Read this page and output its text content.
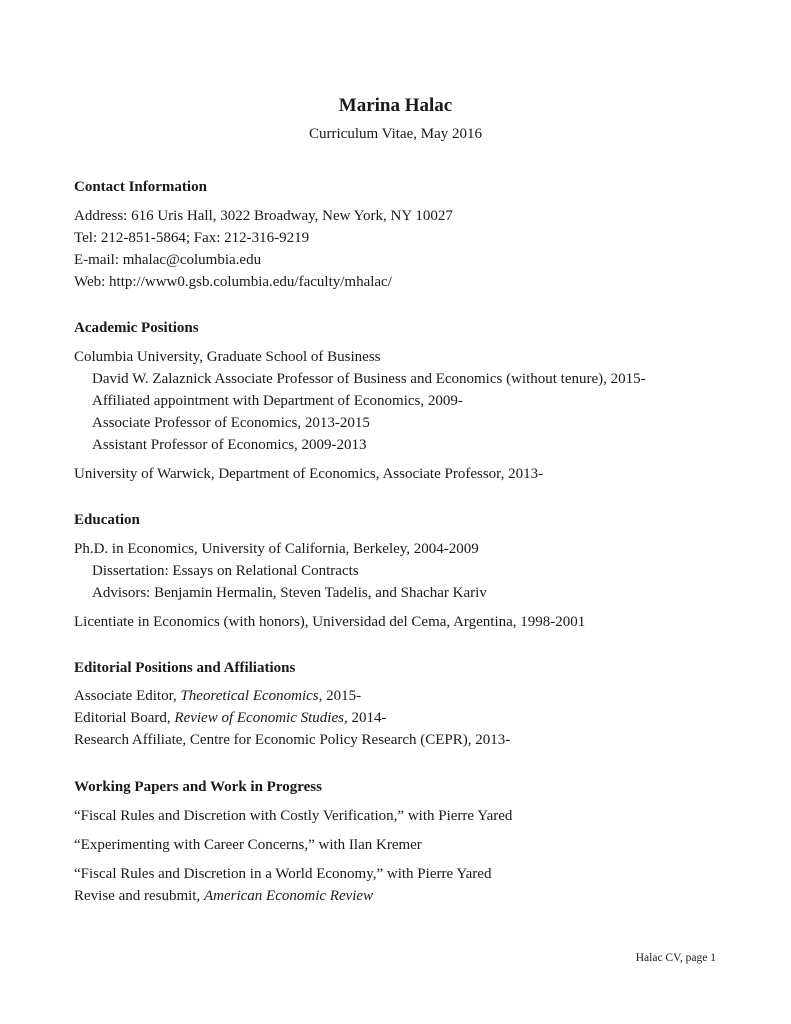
Marina Halac
Curriculum Vitae, May 2016
Contact Information
Address: 616 Uris Hall, 3022 Broadway, New York, NY 10027
Tel: 212-851-5864; Fax: 212-316-9219
E-mail: mhalac@columbia.edu
Web: http://www0.gsb.columbia.edu/faculty/mhalac/
Academic Positions
Columbia University, Graduate School of Business
David W. Zalaznick Associate Professor of Business and Economics (without tenure), 2015-
Affiliated appointment with Department of Economics, 2009-
Associate Professor of Economics, 2013-2015
Assistant Professor of Economics, 2009-2013
University of Warwick, Department of Economics, Associate Professor, 2013-
Education
Ph.D. in Economics, University of California, Berkeley, 2004-2009
Dissertation: Essays on Relational Contracts
Advisors: Benjamin Hermalin, Steven Tadelis, and Shachar Kariv
Licentiate in Economics (with honors), Universidad del Cema, Argentina, 1998-2001
Editorial Positions and Affiliations
Associate Editor, Theoretical Economics, 2015-
Editorial Board, Review of Economic Studies, 2014-
Research Affiliate, Centre for Economic Policy Research (CEPR), 2013-
Working Papers and Work in Progress
“Fiscal Rules and Discretion with Costly Verification,” with Pierre Yared
“Experimenting with Career Concerns,” with Ilan Kremer
“Fiscal Rules and Discretion in a World Economy,” with Pierre Yared
Revise and resubmit, American Economic Review
Halac CV, page 1
